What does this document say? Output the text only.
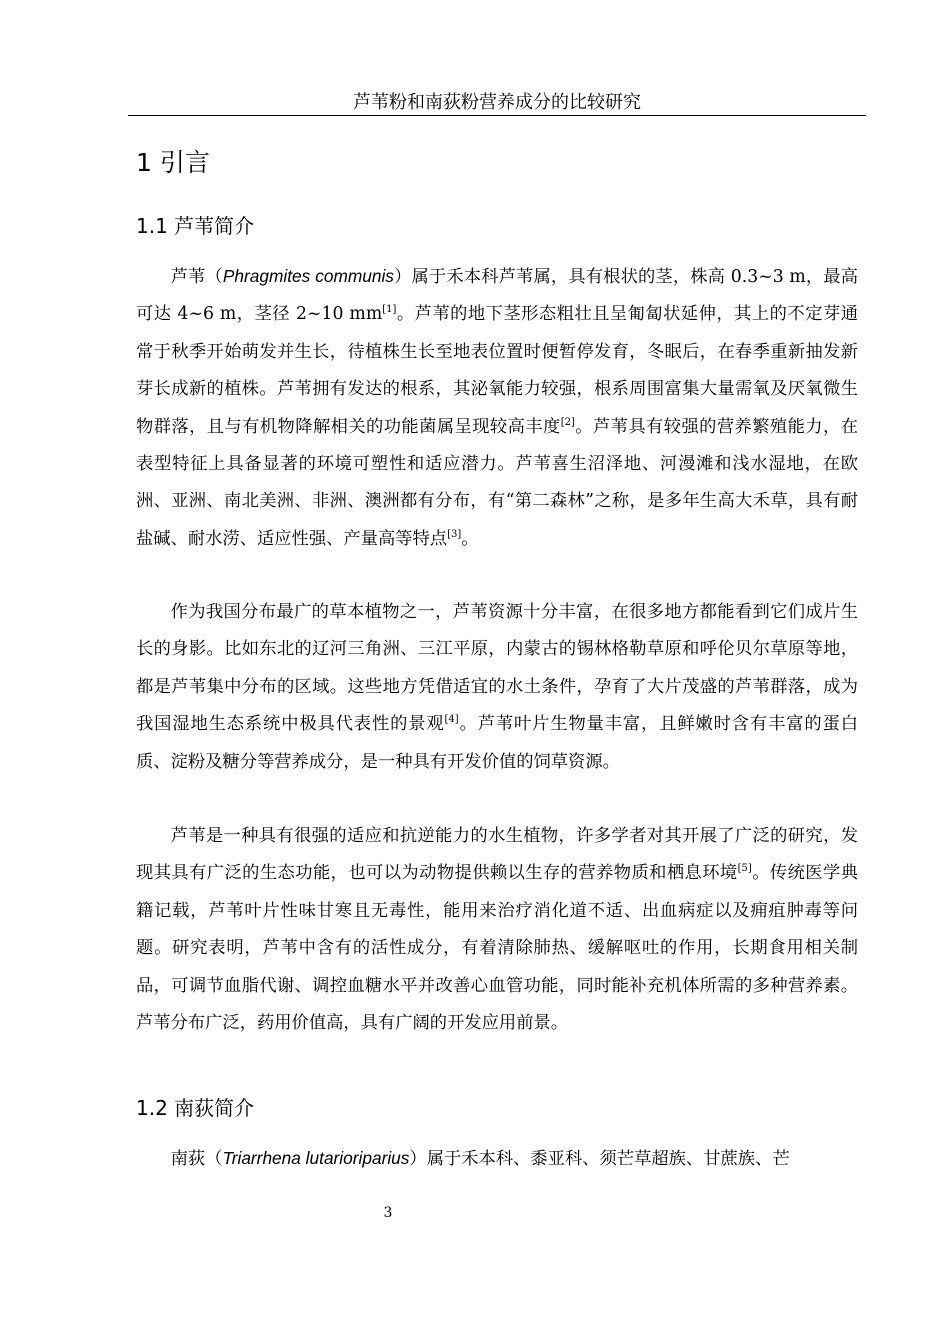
芦苇粉和南荻粉营养成分的比较研究
1 引言
1.1 芦苇简介

芦苇（Phragmites communis）属于禾本科芦苇属，具有根状的茎，株高 0.3~3 m，最高可达 4~6 m，茎径 2~10 mm[1]。芦苇的地下茎形态粗壮且呈匍匐状延伸，其上的不定芽通常于秋季开始萌发并生长，待植株生长至地表位置时便暂停发育，冬眠后，在春季重新抽发新芽长成新的植株。芦苇拥有发达的根系，其泌氧能力较强，根系周围富集大量需氧及厌氧微生物群落，且与有机物降解相关的功能菌属呈现较高丰度[2]。芦苇具有较强的营养繁殖能力，在表型特征上具备显著的环境可塑性和适应潜力。芦苇喜生沼泽地、河漫滩和浅水湿地，在欧洲、亚洲、南北美洲、非洲、澳洲都有分布，有“第二森林”之称，是多年生高大禾草，具有耐盐碱、耐水涝、适应性强、产量高等特点[3]。

作为我国分布最广的草本植物之一，芦苇资源十分丰富，在很多地方都能看到它们成片生长的身影。比如东北的辽河三角洲、三江平原，内蒙古的锡林格勒草原和呼伦贝尔草原等地，都是芦苇集中分布的区域。这些地方凭借适宜的水土条件，孕育了大片茂盛的芦苇群落，成为我国湿地生态系统中极具代表性的景观[4]。芦苇叶片生物量丰富，且鲜嫩时含有丰富的蛋白质、淀粉及糖分等营养成分，是一种具有开发价值的饲草资源。

芦苇是一种具有很强的适应和抗逆能力的水生植物，许多学者对其开展了广泛的研究，发现其具有广泛的生态功能，也可以为动物提供赖以生存的营养物质和栖息环境[5]。传统医学典籍记载，芦苇叶片性味甘寒且无毒性，能用来治疗消化道不适、出血病症以及痈疽肿毒等问题。研究表明，芦苇中含有的活性成分，有着清除肺热、缓解呕吐的作用，长期食用相关制品，可调节血脂代谢、调控血糖水平并改善心血管功能，同时能补充机体所需的多种营养素。芦苇分布广泛，药用价值高，具有广阔的开发应用前景。

1.2 南荻简介

南荻（Triarrhena lutarioriparius）属于禾本科、黍亚科、须芒草超族、甘蔗族、芒

3
